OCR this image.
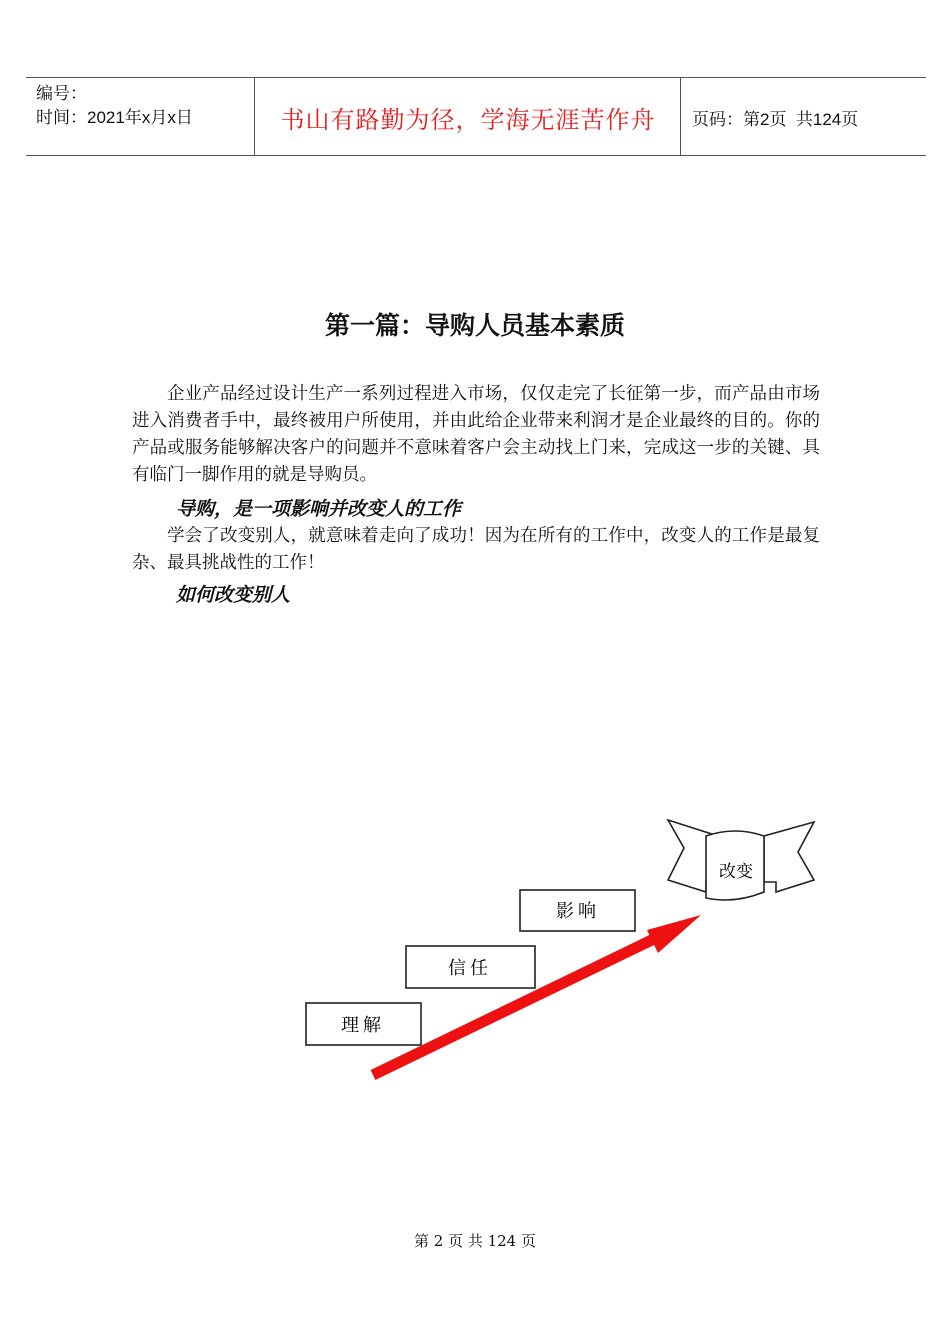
编号：
时间：2021年x月x日	书山有路勤为径，学海无涯苦作舟	页码：第2页  共124页
第一篇：导购人员基本素质

企业产品经过设计生产一系列过程进入市场，仅仅走完了长征第一步，而产品由市场进入消费者手中，最终被用户所使用，并由此给企业带来利润才是企业最终的目的。你的产品或服务能够解决客户的问题并不意味着客户会主动找上门来，完成这一步的关键、具有临门一脚作用的就是导购员。

导购，是一项影响并改变人的工作

学会了改变别人，就意味着走向了成功！因为在所有的工作中，改变人的工作是最复杂、最具挑战性的工作！

如何改变别人
理解
信任
影响
改变
第 2 页 共 124 页
